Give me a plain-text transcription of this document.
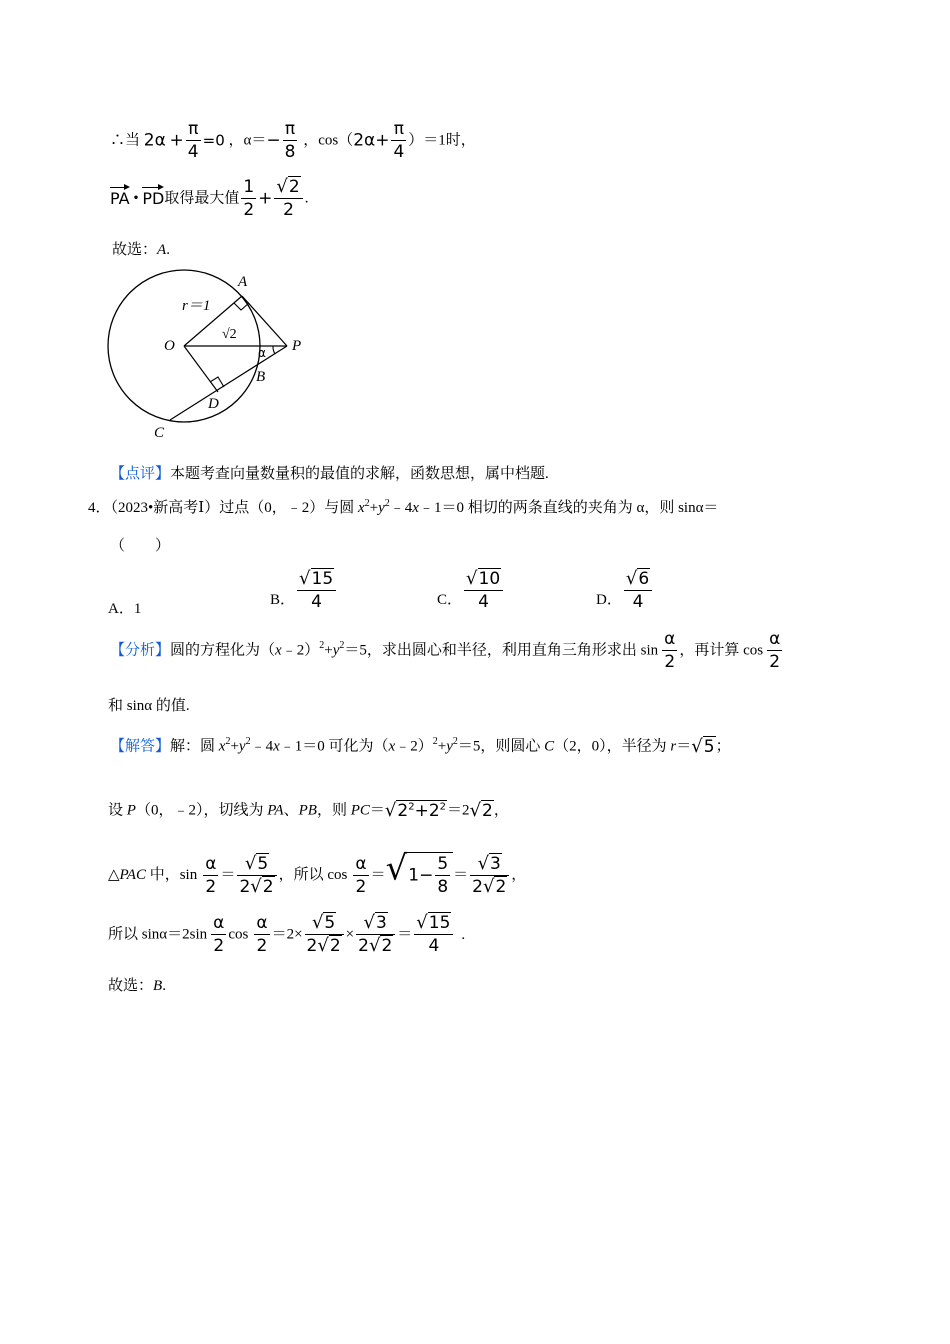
∴当 $2\alpha + \frac{\pi}{4} =0$ ，$\alpha=- \frac{\pi}{8}$ ，$\cos(2\alpha+ \frac{\pi}{4} )=1$时，
PA • PD取得最大值 $\frac{1}{2} + \frac{√2}{2}$ .
故选：A.
r＝1
√2
O
A
P
B
D
C
α
【点评】本题考查向量数量积的最值的求解，函数思想，属中档题.
4．（2023•新高考Ⅰ）过点（0，﹣2）与圆 $x^2+y^2﹣4x﹣1=0$ 相切的两条直线的夹角为 α，则 sinα＝
（　　）
A．1
B． $\frac{√15}{4}$	C． $\frac{√10}{4}$	D． $\frac{√6}{4}$
【分析】圆的方程化为$(x﹣2)^2+y^2=5$，求出圆心和半径，利用直角三角形求出 $\sin \frac{\alpha}{2}$ ，再计算 $\cos \frac{\alpha}{2}$
和 sinα 的值.
【解答】解：圆 $x^2+y^2﹣4x﹣1=0$ 可化为$(x﹣2)^2+y^2=5$，则圆心 C（2，0），半径为 r＝√5；
设 P（0，﹣2），切线为 PA、PB，则 $PC=√2^2+2^2=2√2$，
△PAC 中，$\sin \frac{\alpha}{2} = \frac{√5}{2√2}$ ，所以 $\cos \frac{\alpha}{2} =√1- \frac{5}{8} = \frac{√3}{2√2}$ ，
所以 $\sin\alpha=2\sin \frac{\alpha}{2}$ $\cos \frac{\alpha}{2} =2\times \frac{√5}{2√2} \times \frac{√3}{2√2} = \frac{√15}{4}$ .
故选：B.
